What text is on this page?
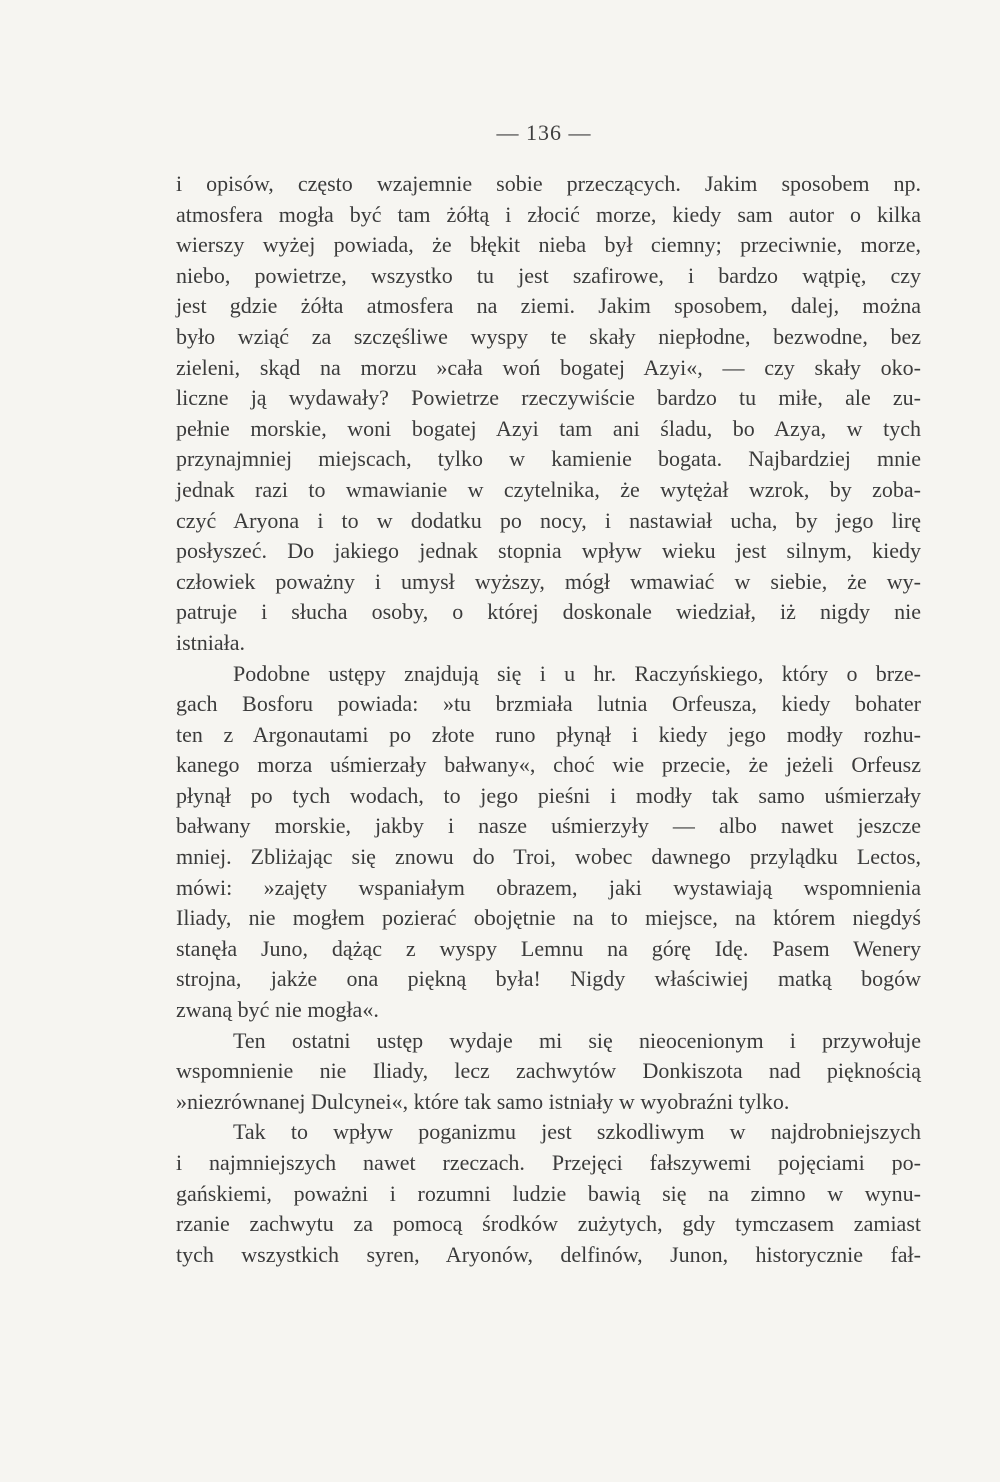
— 136 —
i opisów, często wzajemnie sobie przeczących. Jakim sposobem np.
atmosfera mogła być tam żółtą i złocić morze, kiedy sam autor o kilka
wierszy wyżej powiada, że błękit nieba był ciemny; przeciwnie, morze,
niebo, powietrze, wszystko tu jest szafirowe, i bardzo wątpię, czy
jest gdzie żółta atmosfera na ziemi. Jakim sposobem, dalej, można
było wziąć za szczęśliwe wyspy te skały niepłodne, bezwodne, bez
zieleni, skąd na morzu »cała woń bogatej Azyi«, — czy skały oko-
liczne ją wydawały? Powietrze rzeczywiście bardzo tu miłe, ale zu-
pełnie morskie, woni bogatej Azyi tam ani śladu, bo Azya, w tych
przynajmniej miejscach, tylko w kamienie bogata. Najbardziej mnie
jednak razi to wmawianie w czytelnika, że wytężał wzrok, by zoba-
czyć Aryona i to w dodatku po nocy, i nastawiał ucha, by jego lirę
posłyszeć. Do jakiego jednak stopnia wpływ wieku jest silnym, kiedy
człowiek poważny i umysł wyższy, mógł wmawiać w siebie, że wy-
patruje i słucha osoby, o której doskonale wiedział, iż nigdy nie
istniała.
Podobne ustępy znajdują się i u hr. Raczyńskiego, który o brze-
gach Bosforu powiada: »tu brzmiała lutnia Orfeusza, kiedy bohater
ten z Argonautami po złote runo płynął i kiedy jego modły rozhu-
kanego morza uśmierzały bałwany«, choć wie przecie, że jeżeli Orfeusz
płynął po tych wodach, to jego pieśni i modły tak samo uśmierzały
bałwany morskie, jakby i nasze uśmierzyły — albo nawet jeszcze
mniej. Zbliżając się znowu do Troi, wobec dawnego przylądku Lectos,
mówi: »zajęty wspaniałym obrazem, jaki wystawiają wspomnienia
Iliady, nie mogłem pozierać obojętnie na to miejsce, na którem niegdyś
stanęła Juno, dążąc z wyspy Lemnu na górę Idę. Pasem Wenery
strojna, jakże ona piękną była! Nigdy właściwiej matką bogów
zwaną być nie mogła«.
Ten ostatni ustęp wydaje mi się nieocenionym i przywołuje
wspomnienie nie Iliady, lecz zachwytów Donkiszota nad pięknością
»niezrównanej Dulcynei«, które tak samo istniały w wyobraźni tylko.
Tak to wpływ poganizmu jest szkodliwym w najdrobniejszych
i najmniejszych nawet rzeczach. Przejęci fałszywemi pojęciami po-
gańskiemi, poważni i rozumni ludzie bawią się na zimno w wynu-
rzanie zachwytu za pomocą środków zużytych, gdy tymczasem zamiast
tych wszystkich syren, Aryonów, delfinów, Junon, historycznie fał-
